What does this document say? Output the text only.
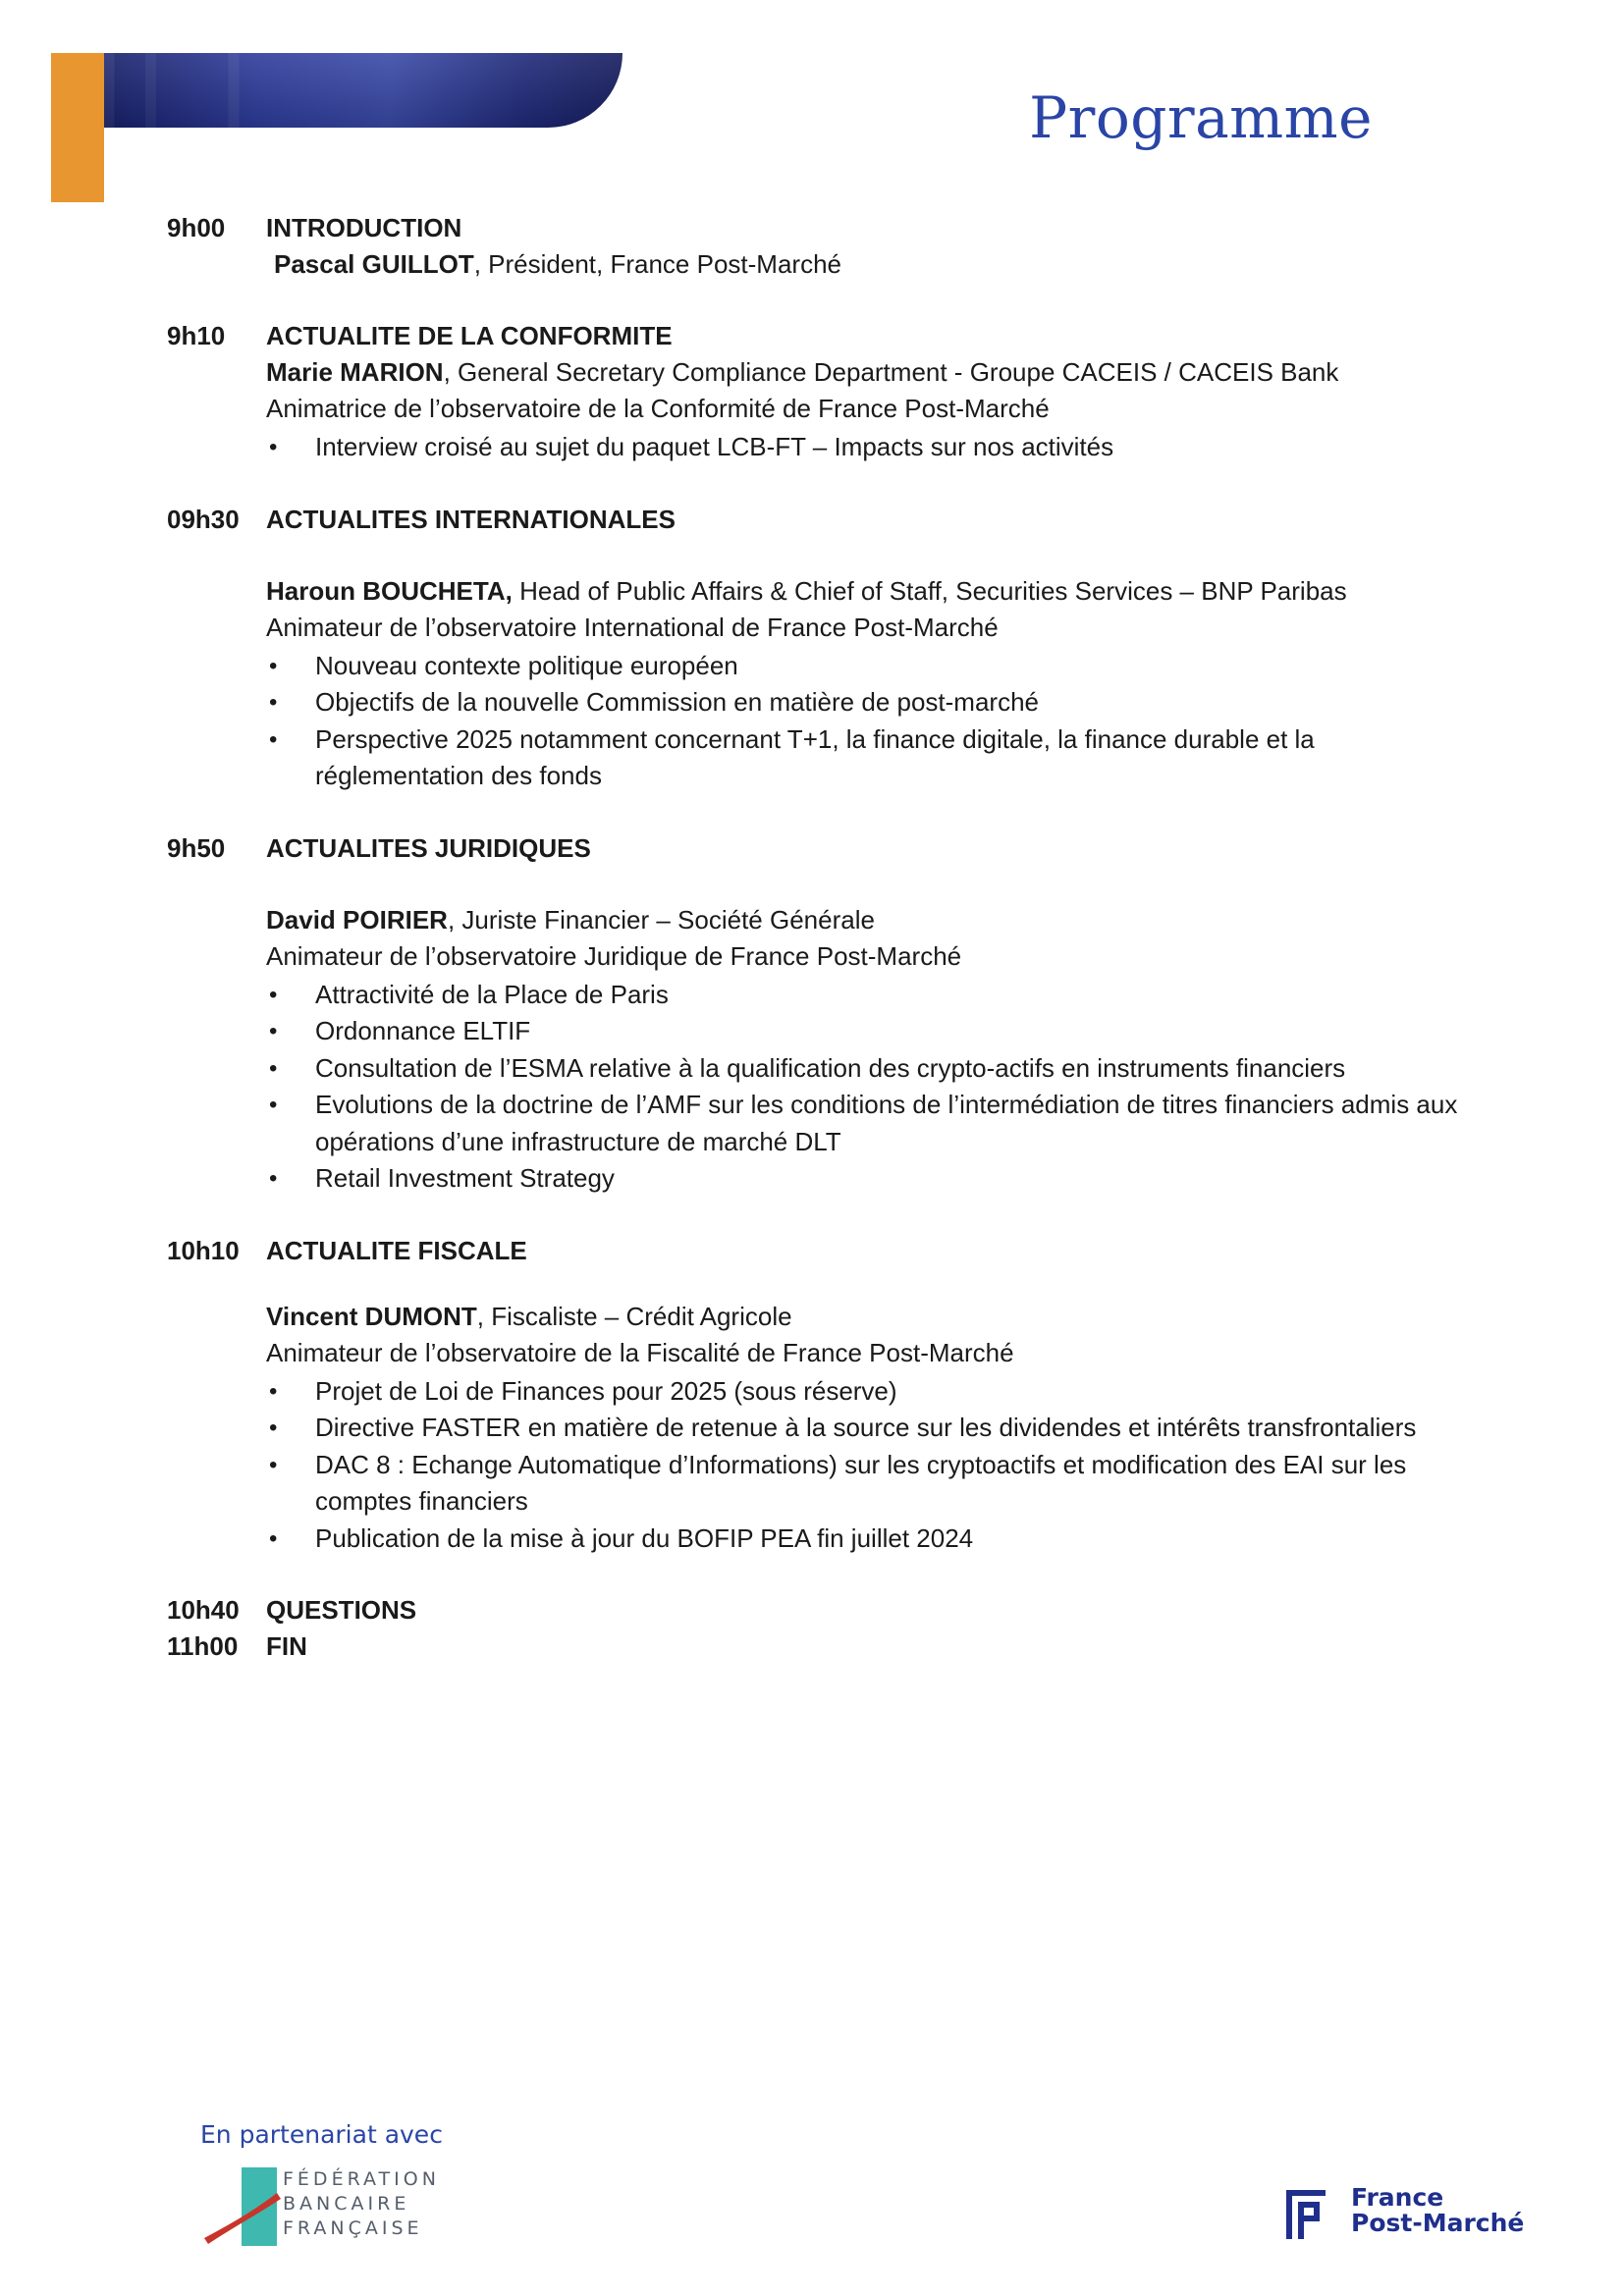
Programme
9h00	INTRODUCTION
Pascal GUILLOT, Président, France Post-Marché
9h10	ACTUALITE DE LA CONFORMITE
Marie MARION, General Secretary Compliance Department - Groupe CACEIS / CACEIS Bank
Animatrice de l’observatoire de la Conformité de France Post-Marché
• Interview croisé au sujet du paquet LCB-FT – Impacts sur nos activités
09h30	ACTUALITES INTERNATIONALES
Haroun BOUCHETA, Head of Public Affairs & Chief of Staff, Securities Services – BNP Paribas
Animateur de l’observatoire International de France Post-Marché
• Nouveau contexte politique européen
• Objectifs de la nouvelle Commission en matière de post-marché
• Perspective 2025 notamment concernant T+1, la finance digitale, la finance durable et la réglementation des fonds
9h50	ACTUALITES JURIDIQUES
David POIRIER, Juriste Financier – Société Générale
Animateur de l’observatoire Juridique de France Post-Marché
• Attractivité de la Place de Paris
• Ordonnance ELTIF
• Consultation de l’ESMA relative à la qualification des crypto-actifs en instruments financiers
• Evolutions de la doctrine de l’AMF sur les conditions de l’intermédiation de titres financiers admis aux opérations d’une infrastructure de marché DLT
• Retail Investment Strategy
10h10	ACTUALITE FISCALE
Vincent DUMONT, Fiscaliste – Crédit Agricole
Animateur de l’observatoire de la Fiscalité de France Post-Marché
• Projet de Loi de Finances pour 2025 (sous réserve)
• Directive FASTER en matière de retenue à la source sur les dividendes et intérêts transfrontaliers
• DAC 8 : Echange Automatique d’Informations) sur les cryptoactifs et modification des EAI sur les comptes financiers
• Publication de la mise à jour du BOFIP PEA fin juillet 2024
10h40	QUESTIONS
11h00	FIN
En partenariat avec
FÉDÉRATION
BANCAIRE
FRANÇAISE
France
Post-Marché
